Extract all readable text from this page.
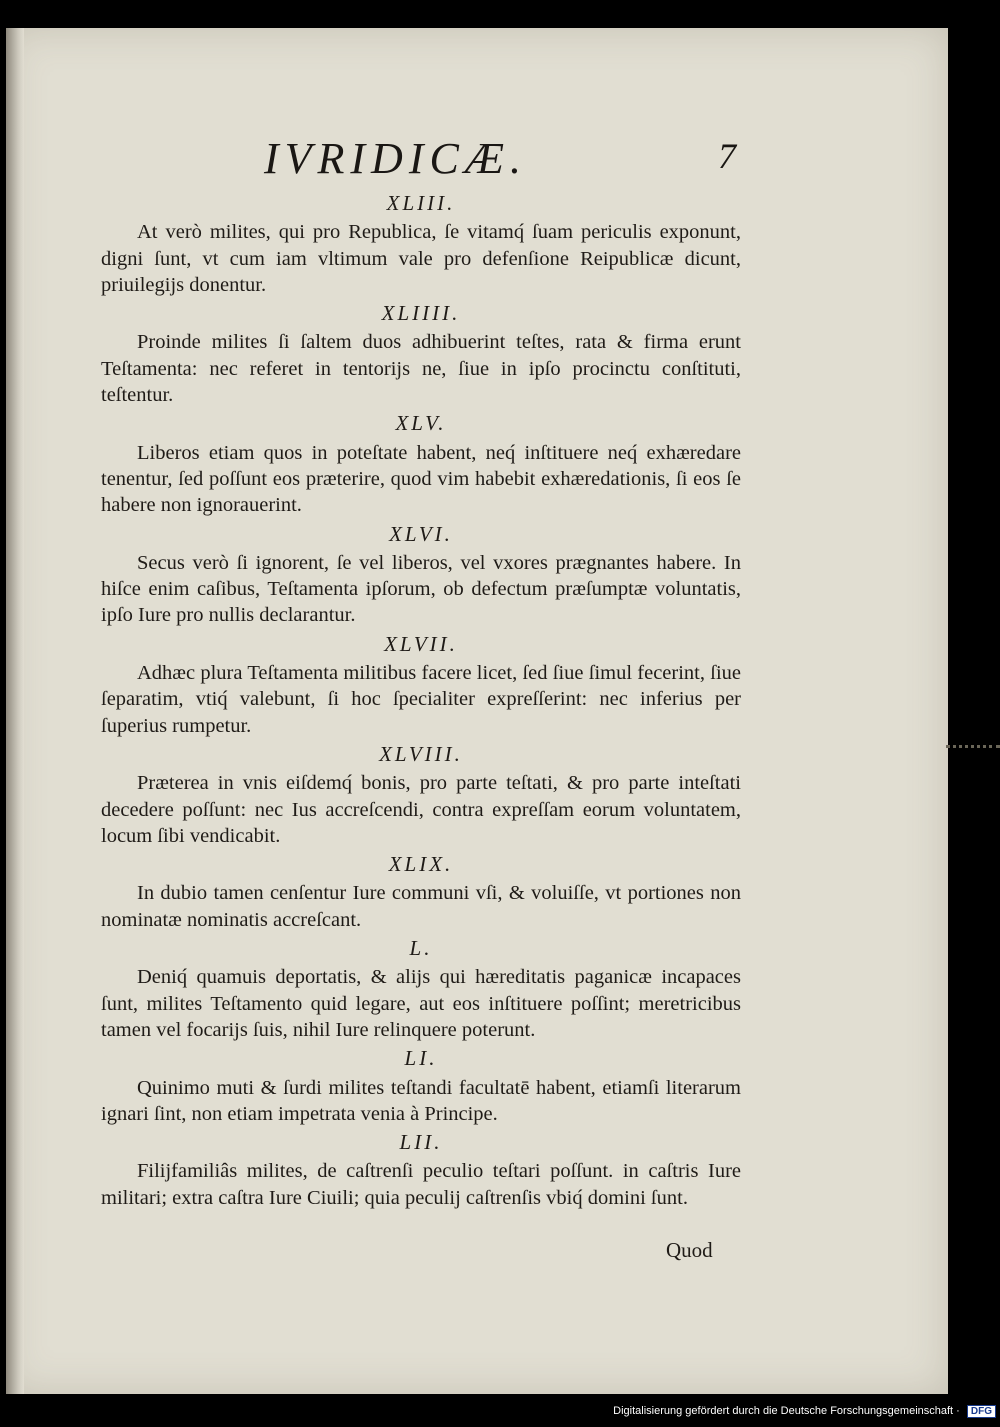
IVRIDICÆ.	7
XLIII.
At verò milites, qui pro Republica, ſe vitamq́ ſuam periculis exponunt, digni ſunt, vt cum iam vltimum vale pro defenſione Reipublicæ dicunt, priuilegijs donentur.
XLIIII.
Proinde milites ſi ſaltem duos adhibuerint teſtes, rata & firma erunt Teſtamenta: nec referet in tentorijs ne, ſiue in ipſo procinctu conſtituti, teſtentur.
XLV.
Liberos etiam quos in poteſtate habent, neq́ inſtituere neq́ exhæredare tenentur, ſed poſſunt eos præterire, quod vim habebit exhæredationis, ſi eos ſe habere non ignorauerint.
XLVI.
Secus verò ſi ignorent, ſe vel liberos, vel vxores prægnantes habere. In hiſce enim caſibus, Teſtamenta ipſorum, ob defectum præſumptæ voluntatis, ipſo Iure pro nullis declarantur.
XLVII.
Adhæc plura Teſtamenta militibus facere licet, ſed ſiue ſimul fecerint, ſiue ſeparatim, vtiq́ valebunt, ſi hoc ſpecialiter expreſſerint: nec inferius per ſuperius rumpetur.
XLVIII.
Præterea in vnis eiſdemq́ bonis, pro parte teſtati, & pro parte inteſtati decedere poſſunt: nec Ius accreſcendi, contra expreſſam eorum voluntatem, locum ſibi vendicabit.
XLIX.
In dubio tamen cenſentur Iure communi vſi, & voluiſſe, vt portiones non nominatæ nominatis accreſcant.
L.
Deniq́ quamuis deportatis, & alijs qui hæreditatis paganicæ incapaces ſunt, milites Teſtamento quid legare, aut eos inſtituere poſſint; meretricibus tamen vel focarijs ſuis, nihil Iure relinquere poterunt.
LI.
Quinimo muti & ſurdi milites teſtandi facultatē habent, etiamſi literarum ignari ſint, non etiam impetrata venia à Principe.
LII.
Filijfamiliâs milites, de caſtrenſi peculio teſtari poſſunt. in caſtris Iure militari; extra caſtra Iure Ciuili; quia peculij caſtrenſis vbiq́ domini ſunt.
Quod
Digitalisierung gefördert durch die Deutsche Forschungsgemeinschaft · DFG
